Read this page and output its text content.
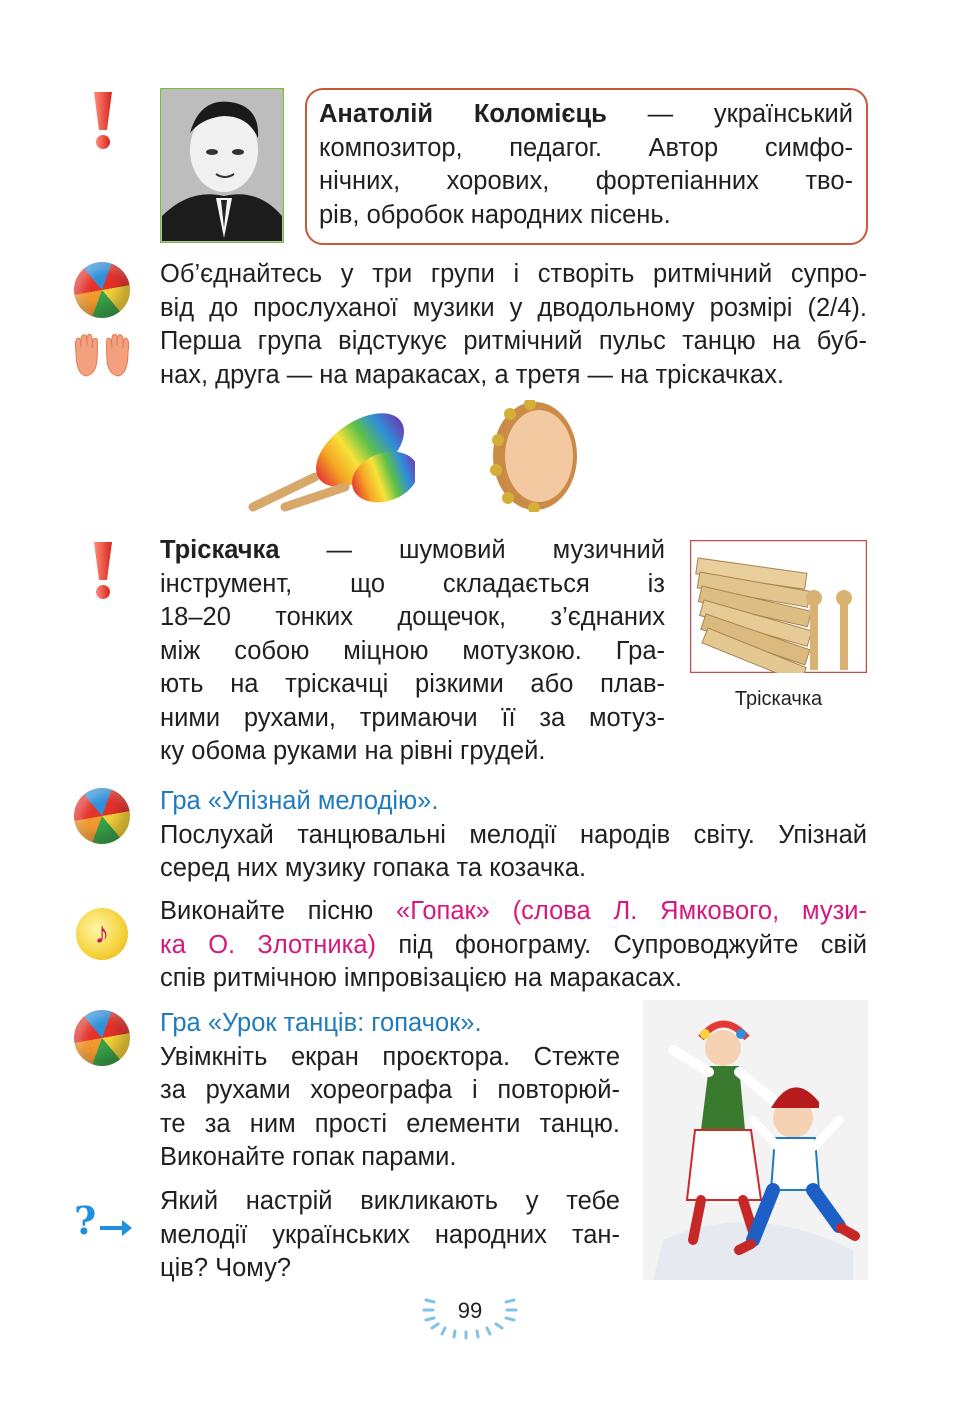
Анатолій Коломієць — український
композитор, педагог. Автор симфо-
нічних, хорових, фортепіанних тво-
рів, обробок народних пісень.
Об’єднайтесь у три групи і створіть ритмічний супро-
від до прослуханої музики у дводольному розмірі (2/4).
Перша група відстукує ритмічний пульс танцю на буб-
нах, друга — на маракасах, а третя — на тріскачках.
Тріскачка — шумовий музичний
інструмент, що складається із
18–20 тонких дощечок, з’єднаних
між собою міцною мотузкою. Гра-
ють на тріскачці різкими або плав-
ними рухами, тримаючи її за мотуз-
ку обома руками на рівні грудей.
Тріскачка
Гра «Упізнай мелодію».
Послухай танцювальні мелодії народів світу. Упізнай
серед них музику гопака та козачка.
♪
Виконайте пісню «Гопак» (слова Л. Ямкового, музи-
ка О. Злотника) під фонограму. Супроводжуйте свій
спів ритмічною імпровізацією на маракасах.
Гра «Урок танців: гопачок».
Увімкніть екран проєктора. Стежте
за рухами хореографа і повторюй-
те за ним прості елементи танцю.
Виконайте гопак парами.
? Який настрій викликають у тебе
мелодії українських народних тан-
ців? Чому?
99
